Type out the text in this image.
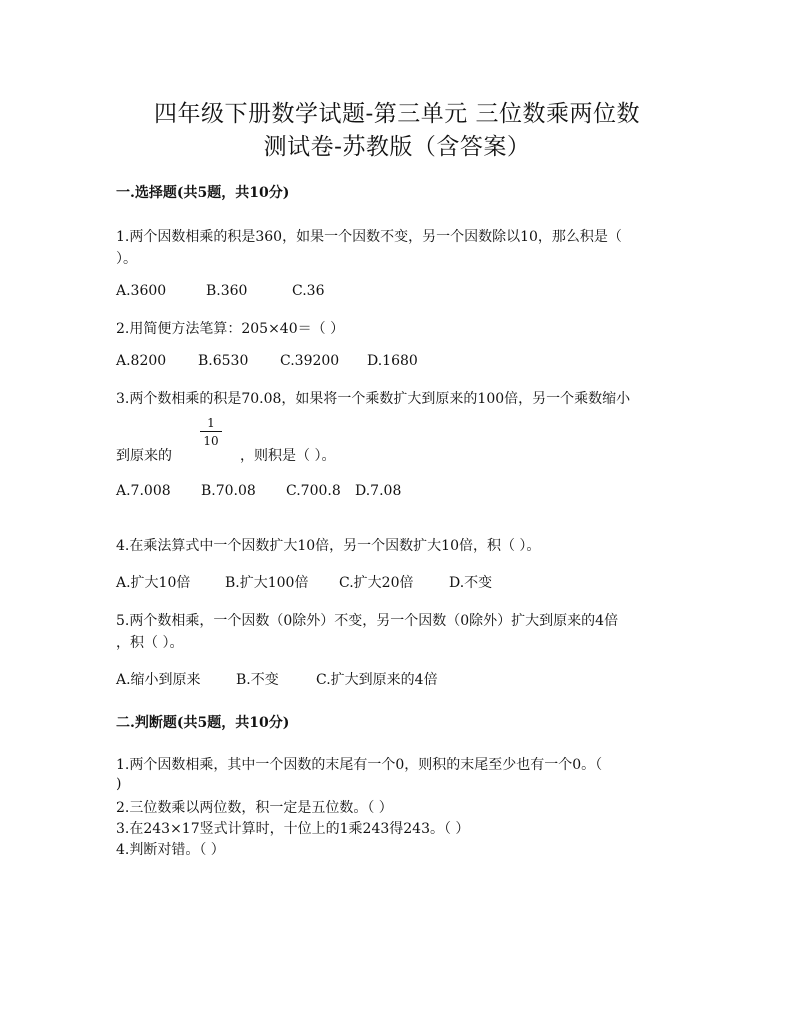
四年级下册数学试题-第三单元 三位数乘两位数
测试卷-苏教版（含答案）
一.选择题(共5题，共10分)
1.两个因数相乘的积是360，如果一个因数不变，另一个因数除以10，那么积是（
）。
A.3600	B.360	C.36
2.用简便方法笔算：205×40＝（ ）
A.8200 B.6530 C.39200 D.1680
3.两个数相乘的积是70.08，如果将一个乘数扩大到原来的100倍，另一个乘数缩小
1
10
到原来的	，则积是（ ）。
A.7.008 B.70.08 C.700.8 D.7.08
4.在乘法算式中一个因数扩大10倍，另一个因数扩大10倍，积（ ）。
A.扩大10倍 B.扩大100倍 C.扩大20倍	D.不变
5.两个数相乘，一个因数（0除外）不变，另一个因数（0除外）扩大到原来的4倍
，积（ ）。
A.缩小到原来	B.不变	C.扩大到原来的4倍
二.判断题(共5题，共10分)
1.两个因数相乘，其中一个因数的末尾有一个0，则积的末尾至少也有一个0。（
)
2.三位数乘以两位数，积一定是五位数。（ ）
3.在243×17竖式计算时，十位上的1乘243得243。（ ）
4.判断对错。（ ）
